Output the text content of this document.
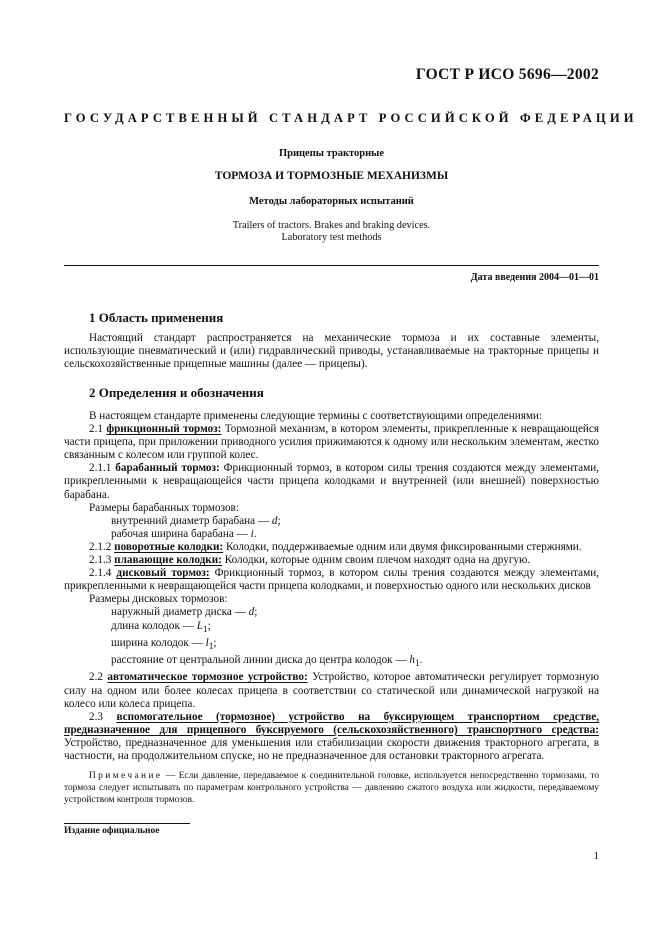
ГОСТ Р ИСО 5696—2002
ГОСУДАРСТВЕННЫЙ СТАНДАРТ РОССИЙСКОЙ ФЕДЕРАЦИИ
Прицепы тракторные
ТОРМОЗА И ТОРМОЗНЫЕ МЕХАНИЗМЫ
Методы лабораторных испытаний
Trailers of tractors. Brakes and braking devices.
Laboratory test methods
Дата введения 2004—01—01
1 Область применения
Настоящий стандарт распространяется на механические тормоза и их составные элементы, использующие пневматический и (или) гидравлический приводы, устанавливаемые на тракторные прицепы и сельскохозяйственные прицепные машины (далее — прицепы).
2 Определения и обозначения

В настоящем стандарте применены следующие термины с соответствующими определениями:

2.1 фрикционный тормоз: Тормозной механизм, в котором элементы, прикрепленные к невращающейся части прицепа, при приложении приводного усилия прижимаются к одному или нескольким элементам, жестко связанным с колесом или группой колес.

2.1.1 барабанный тормоз: Фрикционный тормоз, в котором силы трения создаются между элементами, прикрепленными к невращающейся части прицепа колодками и внутренней (или внешней) поверхностью барабана.

Размеры барабанных тормозов:

внутренний диаметр барабана — d;

рабочая ширина барабана — i.

2.1.2 поворотные колодки: Колодки, поддерживаемые одним или двумя фиксированными стержнями.

2.1.3 плавающие колодки: Колодки, которые одним своим плечом находят одна на другую.

2.1.4 дисковый тормоз: Фрикционный тормоз, в котором силы трения создаются между элементами, прикрепленными к невращающейся части прицепа колодками, и поверхностью одного или нескольких дисков

Размеры дисковых тормозов:

наружный диаметр диска — d;

длина колодок — $L_1$;

ширина колодок — $l_1$;

расстояние от центральной линии диска до центра колодок — $h_1$.

2.2 автоматическое тормозное устройство: Устройство, которое автоматически регулирует тормозную силу на одном или более колесах прицепа в соответствии со статической или динамической нагрузкой на колесо или колеса прицепа.

2.3 вспомогательное (тормозное) устройство на буксирующем транспортном средстве, предназначенное для прицепного буксируемого (сельскохозяйственного) транспортного средства: Устройство, предназначенное для уменьшения или стабилизации скорости движения тракторного агрегата, в частности, на продолжительном спуске, но не предназначенное для остановки тракторного агрегата.

Примечание — Если давление, передаваемое к соединительной головке, используется непосредственно тормозами, то тормоза следует испытывать по параметрам контрольного устройства — давлению сжатого воздуха или жидкости, передаваемому устройством контроля тормозов.

Издание официальное
1
